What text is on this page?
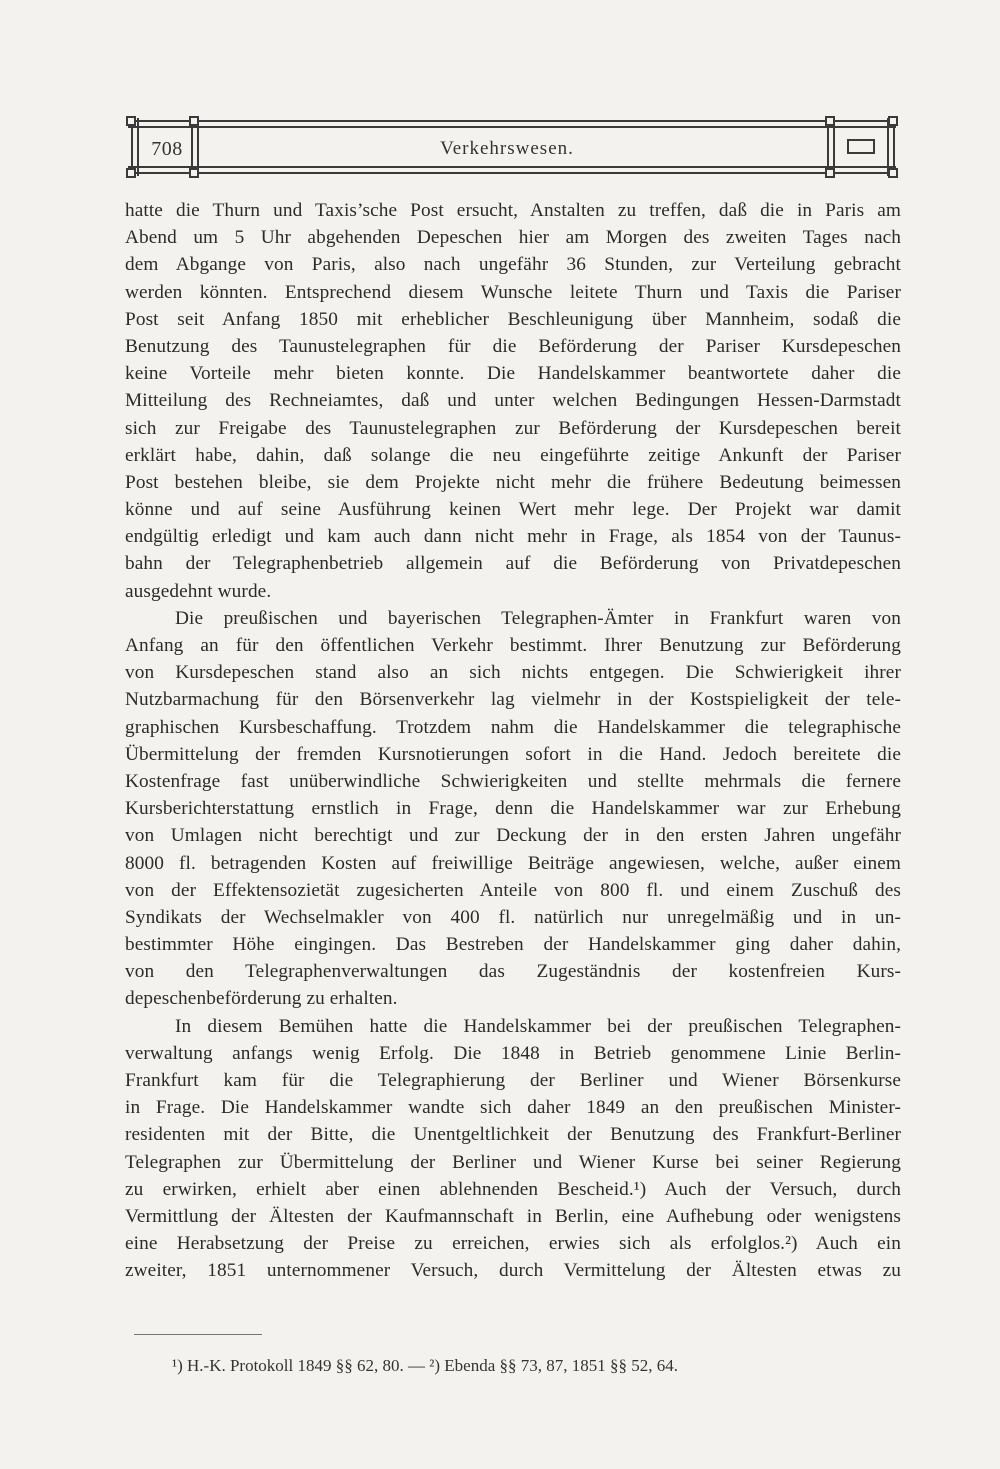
708	Verkehrswesen.
hatte die Thurn und Taxis’sche Post ersucht, Anstalten zu treffen, daß die in Paris am
Abend um 5 Uhr abgehenden Depeschen hier am Morgen des zweiten Tages nach
dem Abgange von Paris, also nach ungefähr 36 Stunden, zur Verteilung gebracht
werden könnten. Entsprechend diesem Wunsche leitete Thurn und Taxis die Pariser
Post seit Anfang 1850 mit erheblicher Beschleunigung über Mannheim, sodaß die
Benutzung des Taunustelegraphen für die Beförderung der Pariser Kursdepeschen
keine Vorteile mehr bieten konnte. Die Handelskammer beantwortete daher die
Mitteilung des Rechneiamtes, daß und unter welchen Bedingungen Hessen-Darmstadt
sich zur Freigabe des Taunustelegraphen zur Beförderung der Kursdepeschen bereit
erklärt habe, dahin, daß solange die neu eingeführte zeitige Ankunft der Pariser
Post bestehen bleibe, sie dem Projekte nicht mehr die frühere Bedeutung beimessen
könne und auf seine Ausführung keinen Wert mehr lege. Der Projekt war damit
endgültig erledigt und kam auch dann nicht mehr in Frage, als 1854 von der Taunus-
bahn der Telegraphenbetrieb allgemein auf die Beförderung von Privatdepeschen
ausgedehnt wurde.
Die preußischen und bayerischen Telegraphen-Ämter in Frankfurt waren von
Anfang an für den öffentlichen Verkehr bestimmt. Ihrer Benutzung zur Beförderung
von Kursdepeschen stand also an sich nichts entgegen. Die Schwierigkeit ihrer
Nutzbarmachung für den Börsenverkehr lag vielmehr in der Kostspieligkeit der tele-
graphischen Kursbeschaffung. Trotzdem nahm die Handelskammer die telegraphische
Übermittelung der fremden Kursnotierungen sofort in die Hand. Jedoch bereitete die
Kostenfrage fast unüberwindliche Schwierigkeiten und stellte mehrmals die fernere
Kursberichterstattung ernstlich in Frage, denn die Handelskammer war zur Erhebung
von Umlagen nicht berechtigt und zur Deckung der in den ersten Jahren ungefähr
8000 fl. betragenden Kosten auf freiwillige Beiträge angewiesen, welche, außer einem
von der Effektensozietät zugesicherten Anteile von 800 fl. und einem Zuschuß des
Syndikats der Wechselmakler von 400 fl. natürlich nur unregelmäßig und in un-
bestimmter Höhe eingingen. Das Bestreben der Handelskammer ging daher dahin,
von den Telegraphenverwaltungen das Zugeständnis der kostenfreien Kurs-
depeschenbeförderung zu erhalten.
In diesem Bemühen hatte die Handelskammer bei der preußischen Telegraphen-
verwaltung anfangs wenig Erfolg. Die 1848 in Betrieb genommene Linie Berlin-
Frankfurt kam für die Telegraphierung der Berliner und Wiener Börsenkurse
in Frage. Die Handelskammer wandte sich daher 1849 an den preußischen Minister-
residenten mit der Bitte, die Unentgeltlichkeit der Benutzung des Frankfurt-Berliner
Telegraphen zur Übermittelung der Berliner und Wiener Kurse bei seiner Regierung
zu erwirken, erhielt aber einen ablehnenden Bescheid.¹) Auch der Versuch, durch
Vermittlung der Ältesten der Kaufmannschaft in Berlin, eine Aufhebung oder wenigstens
eine Herabsetzung der Preise zu erreichen, erwies sich als erfolglos.²) Auch ein
zweiter, 1851 unternommener Versuch, durch Vermittelung der Ältesten etwas zu
¹) H.-K. Protokoll 1849 §§ 62, 80. — ²) Ebenda §§ 73, 87, 1851 §§ 52, 64.
